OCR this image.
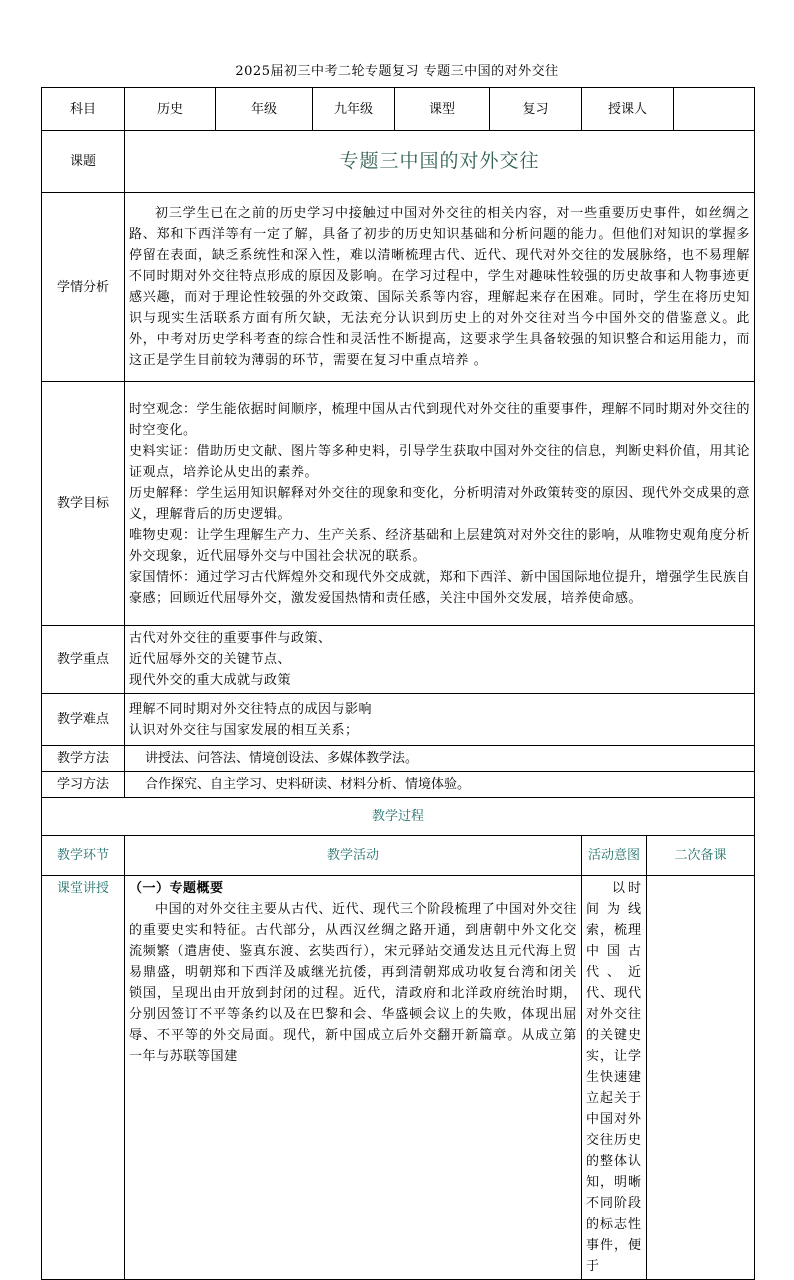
2025届初三中考二轮专题复习 专题三中国的对外交往
科目	历史	年级	九年级	课型	复习	授课人		
课题	专题三中国的对外交往							
学情分析	初三学生已在之前的历史学习中接触过中国对外交往的相关内容，对一些重要历史事件，如丝绸之路、郑和下西洋等有一定了解，具备了初步的历史知识基础和分析问题的能力。但他们对知识的掌握多停留在表面，缺乏系统性和深入性，难以清晰梳理古代、近代、现代对外交往的发展脉络，也不易理解不同时期对外交往特点形成的原因及影响。在学习过程中，学生对趣味性较强的历史故事和人物事迹更感兴趣，而对于理论性较强的外交政策、国际关系等内容，理解起来存在困难。同时，学生在将历史知识与现实生活联系方面有所欠缺，无法充分认识到历史上的对外交往对当今中国外交的借鉴意义。此外，中考对历史学科考查的综合性和灵活性不断提高，这要求学生具备较强的知识整合和运用能力，而这正是学生目前较为薄弱的环节，需要在复习中重点培养 。							
教学目标	时空观念：学生能依据时间顺序，梳理中国从古代到现代对外交往的重要事件，理解不同时期对外交往的时空变化。
史料实证：借助历史文献、图片等多种史料，引导学生获取中国对外交往的信息，判断史料价值，用其论证观点，培养论从史出的素养。
历史解释：学生运用知识解释对外交往的现象和变化，分析明清对外政策转变的原因、现代外交成果的意义，理解背后的历史逻辑。
唯物史观：让学生理解生产力、生产关系、经济基础和上层建筑对对外交往的影响，从唯物史观角度分析外交现象，近代屈辱外交与中国社会状况的联系。
家国情怀：通过学习古代辉煌外交和现代外交成就，郑和下西洋、新中国国际地位提升，增强学生民族自豪感；回顾近代屈辱外交，激发爱国热情和责任感，关注中国外交发展，培养使命感。							

教学重点	古代对外交往的重要事件与政策、
近代屈辱外交的关键节点、
现代外交的重大成就与政策							

教学难点	理解不同时期对外交往特点的成因与影响
认识对外交往与国家发展的相互关系；							

教学方法	讲授法、问答法、情境创设法、多媒体教学法。							
学习方法	合作探究、自主学习、史料研读、材料分析、情境体验。							
教学过程								
教学环节	教学活动					活动意图	二次备课	
课堂讲授	（一）专题概要
中国的对外交往主要从古代、近代、现代三个阶段梳理了中国对外交往的重要史实和特征。古代部分，从西汉丝绸之路开通，到唐朝中外文化交流频繁（遣唐使、鉴真东渡、玄奘西行），宋元驿站交通发达且元代海上贸易鼎盛，明朝郑和下西洋及戚继光抗倭，再到清朝郑成功收复台湾和闭关锁国，呈现出由开放到封闭的过程。近代，清政府和北洋政府统治时期，分别因签订不平等条约以及在巴黎和会、华盛顿会议上的失败，体现出屈辱、不平等的外交局面。现代，新中国成立后外交翻开新篇章。从成立第一年与苏联等国建					以时间为线索，梳理中国古代、近代、现代对外交往的关键史实，让学生快速建立起关于中国对外交往历史的整体认知，明晰不同阶段的标志性事件，便于		
